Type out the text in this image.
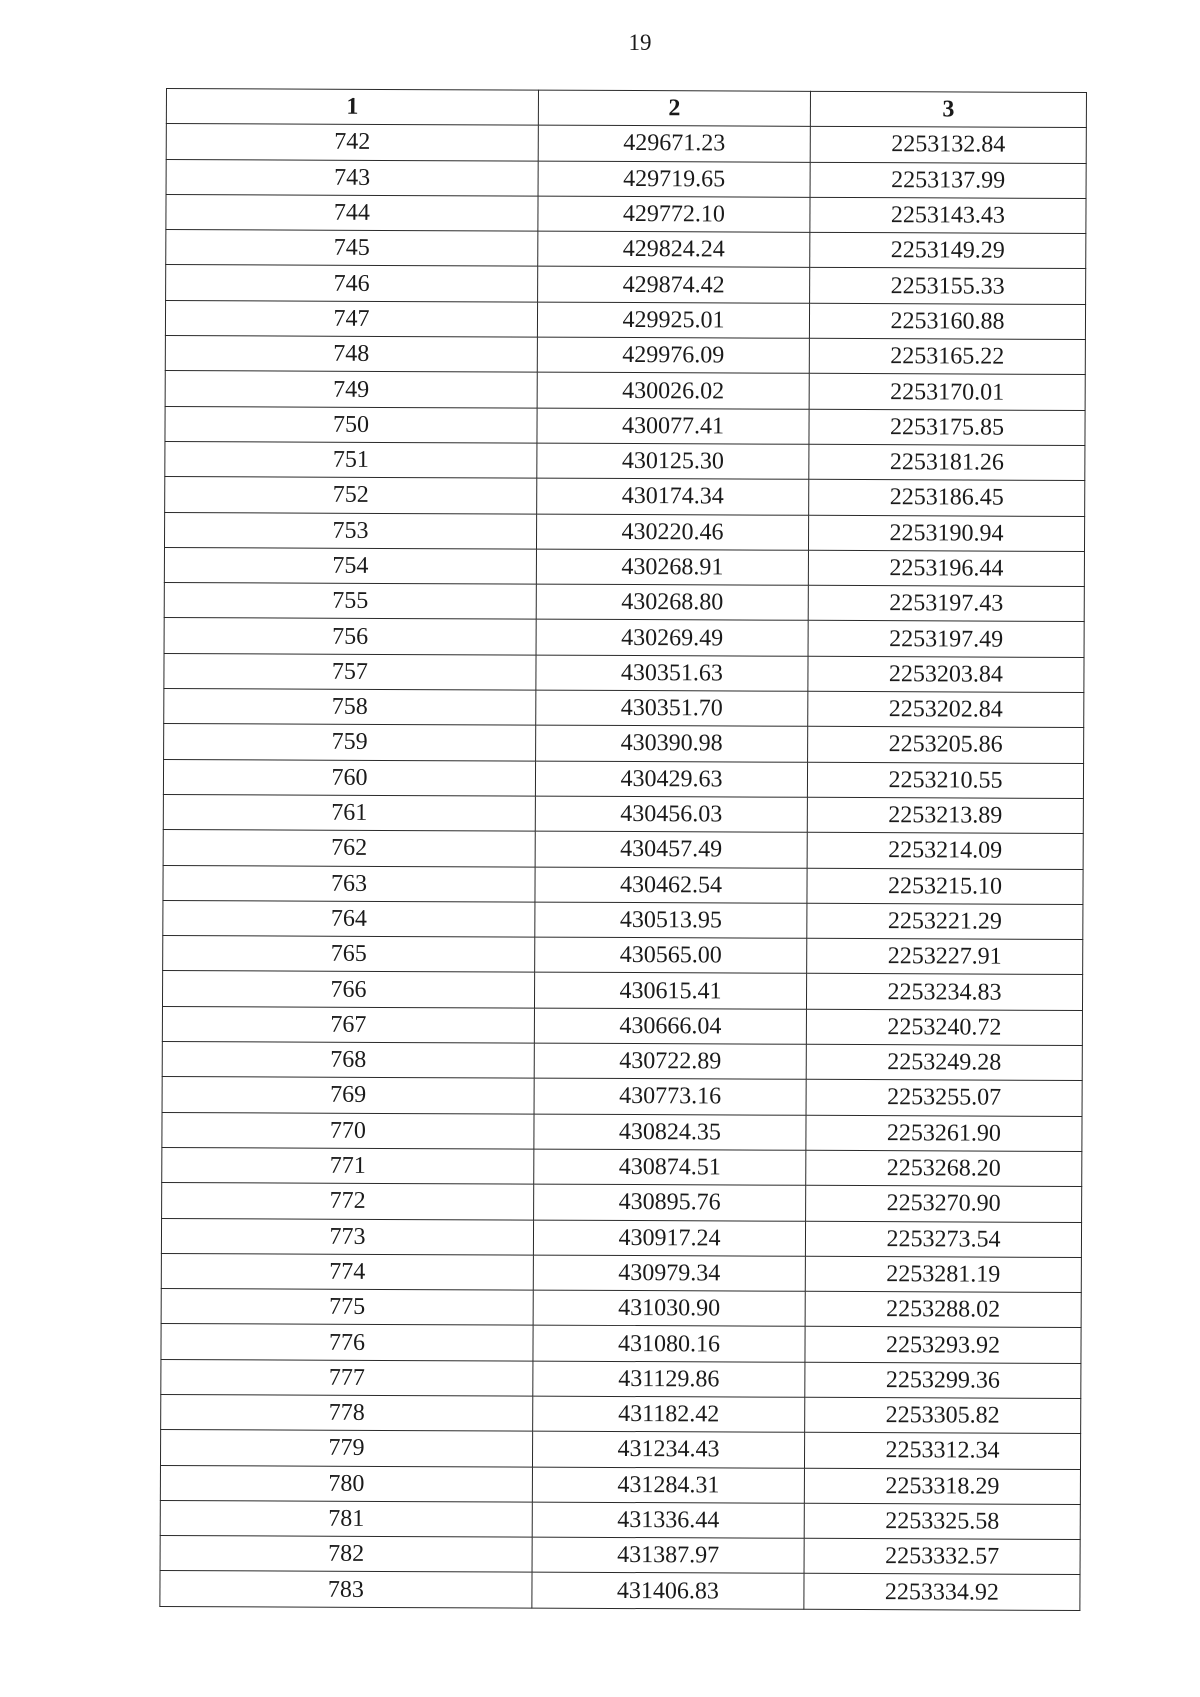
19
1	2	3
742	429671.23	2253132.84
743	429719.65	2253137.99
744	429772.10	2253143.43
745	429824.24	2253149.29
746	429874.42	2253155.33
747	429925.01	2253160.88
748	429976.09	2253165.22
749	430026.02	2253170.01
750	430077.41	2253175.85
751	430125.30	2253181.26
752	430174.34	2253186.45
753	430220.46	2253190.94
754	430268.91	2253196.44
755	430268.80	2253197.43
756	430269.49	2253197.49
757	430351.63	2253203.84
758	430351.70	2253202.84
759	430390.98	2253205.86
760	430429.63	2253210.55
761	430456.03	2253213.89
762	430457.49	2253214.09
763	430462.54	2253215.10
764	430513.95	2253221.29
765	430565.00	2253227.91
766	430615.41	2253234.83
767	430666.04	2253240.72
768	430722.89	2253249.28
769	430773.16	2253255.07
770	430824.35	2253261.90
771	430874.51	2253268.20
772	430895.76	2253270.90
773	430917.24	2253273.54
774	430979.34	2253281.19
775	431030.90	2253288.02
776	431080.16	2253293.92
777	431129.86	2253299.36
778	431182.42	2253305.82
779	431234.43	2253312.34
780	431284.31	2253318.29
781	431336.44	2253325.58
782	431387.97	2253332.57
783	431406.83	2253334.92
